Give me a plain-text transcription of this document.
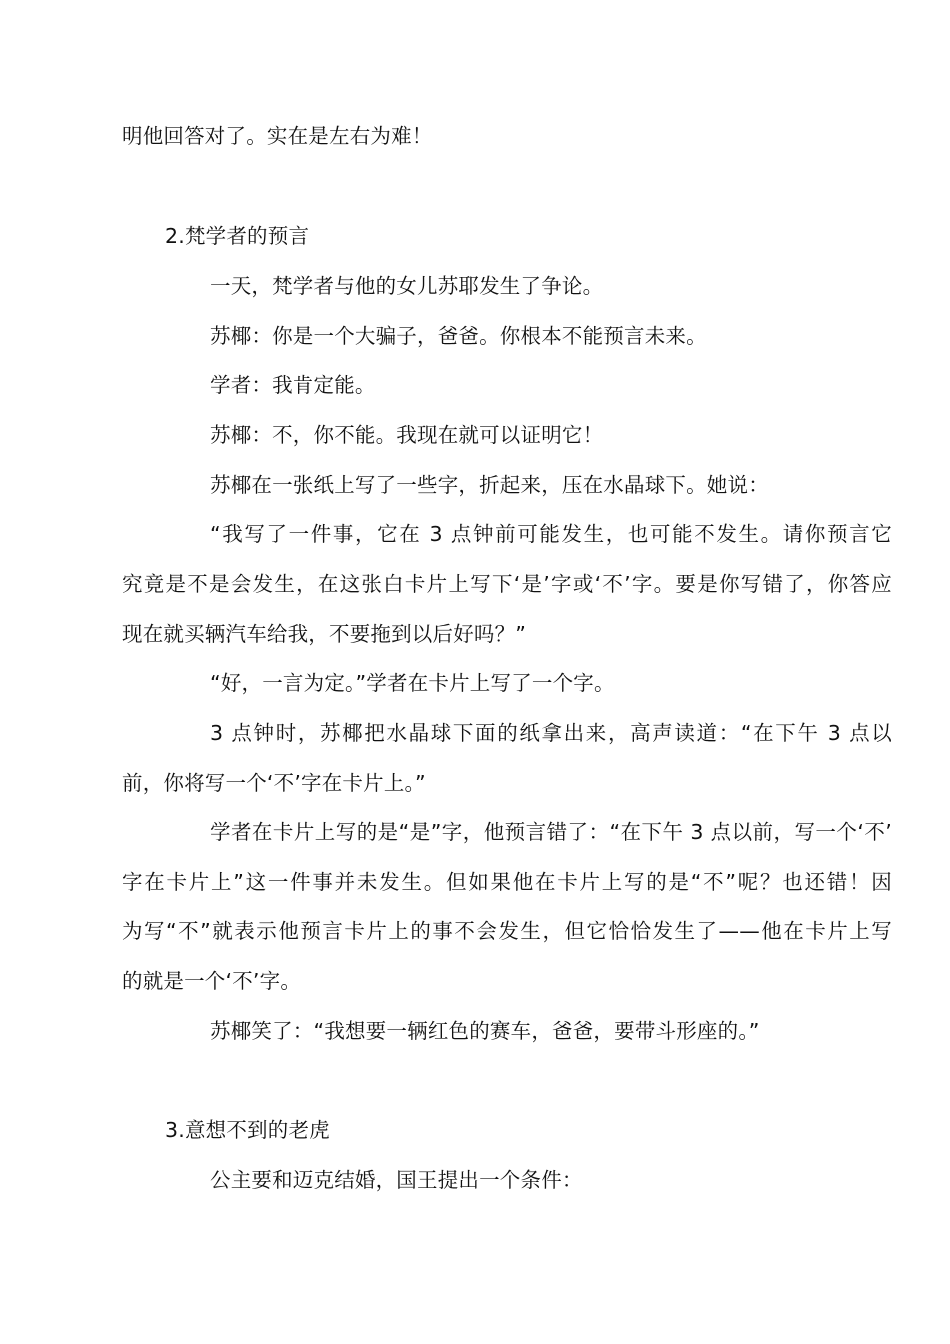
明他回答对了。实在是左右为难！
2.梵学者的预言
一天，梵学者与他的女儿苏耶发生了争论。
苏椰：你是一个大骗子，爸爸。你根本不能预言未来。
学者：我肯定能。
苏椰：不，你不能。我现在就可以证明它！
苏椰在一张纸上写了一些字，折起来，压在水晶球下。她说：
“我写了一件事，它在 3 点钟前可能发生，也可能不发生。请你预言它
究竟是不是会发生，在这张白卡片上写下‘是’字或‘不’字。要是你写错了，你答应
现在就买辆汽车给我，不要拖到以后好吗？”
“好，一言为定。”学者在卡片上写了一个字。
3 点钟时，苏椰把水晶球下面的纸拿出来，高声读道：“在下午 3 点以
前，你将写一个‘不’字在卡片上。”
学者在卡片上写的是“是”字，他预言错了：“在下午 3 点以前，写一个‘不’
字在卡片上”这一件事并未发生。但如果他在卡片上写的是“不”呢？也还错！因
为写“不”就表示他预言卡片上的事不会发生，但它恰恰发生了——他在卡片上写
的就是一个‘不’字。
苏椰笑了：“我想要一辆红色的赛车，爸爸，要带斗形座的。”
3.意想不到的老虎
公主要和迈克结婚，国王提出一个条件：
